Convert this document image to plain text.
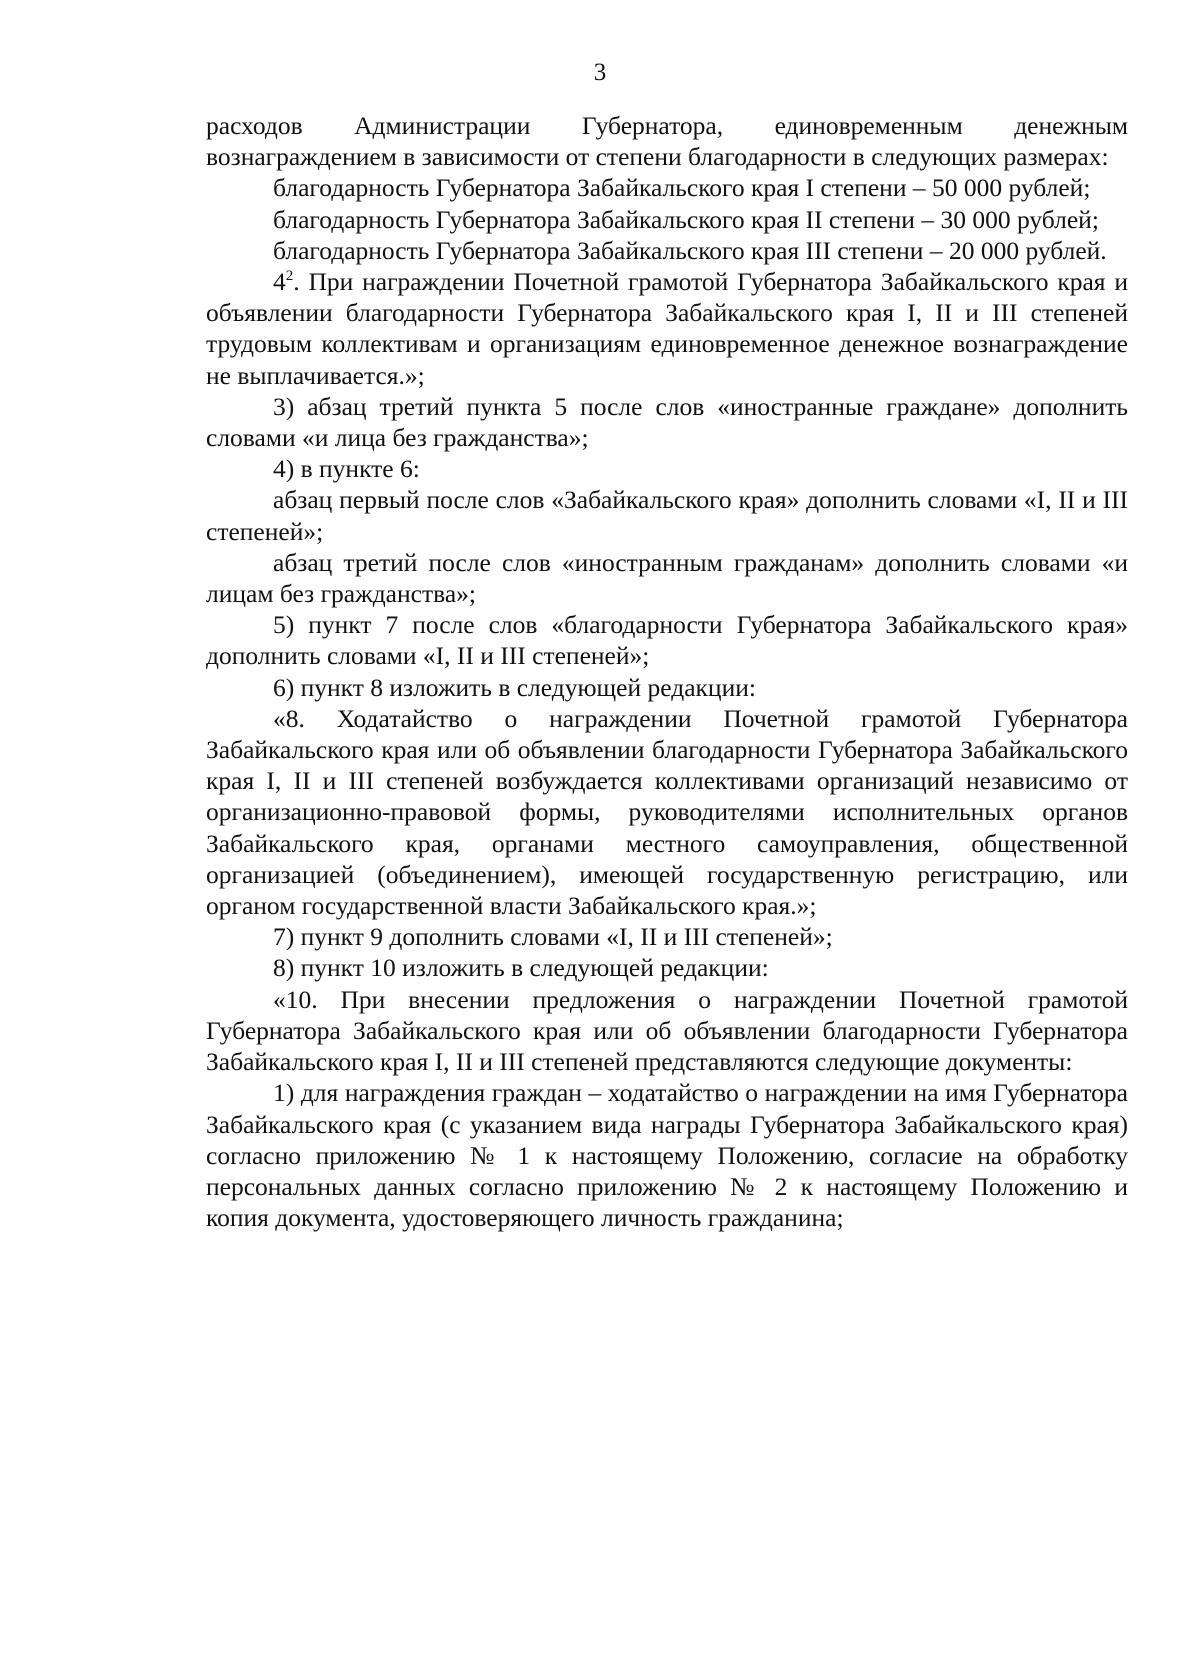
3

расходов Администрации Губернатора, единовременным денежным вознаграждением в зависимости от степени благодарности в следующих размерах:

благодарность Губернатора Забайкальского края I степени – 50 000 рублей;

благодарность Губернатора Забайкальского края II степени – 30 000 рублей;

благодарность Губернатора Забайкальского края III степени – 20 000 рублей.

$4^2$. При награждении Почетной грамотой Губернатора Забайкальского края и объявлении благодарности Губернатора Забайкальского края I, II и III степеней трудовым коллективам и организациям единовременное денежное вознаграждение не выплачивается.»;

3) абзац третий пункта 5 после слов «иностранные граждане» дополнить словами «и лица без гражданства»;

4) в пункте 6:

абзац первый после слов «Забайкальского края» дополнить словами «I, II и III степеней»;

абзац третий после слов «иностранным гражданам» дополнить словами «и лицам без гражданства»;

5) пункт 7 после слов «благодарности Губернатора Забайкальского края» дополнить словами «I, II и III степеней»;

6) пункт 8 изложить в следующей редакции:

«8. Ходатайство о награждении Почетной грамотой Губернатора Забайкальского края или об объявлении благодарности Губернатора Забайкальского края I, II и III степеней возбуждается коллективами организаций независимо от организационно-правовой формы, руководителями исполнительных органов Забайкальского края, органами местного самоуправления, общественной организацией (объединением), имеющей государственную регистрацию, или органом государственной власти Забайкальского края.»;

7) пункт 9 дополнить словами «I, II и III степеней»;

8) пункт 10 изложить в следующей редакции:

«10. При внесении предложения о награждении Почетной грамотой Губернатора Забайкальского края или об объявлении благодарности Губернатора Забайкальского края I, II и III степеней представляются следующие документы:

1) для награждения граждан – ходатайство о награждении на имя Губернатора Забайкальского края (с указанием вида награды Губернатора Забайкальского края) согласно приложению № 1 к настоящему Положению, согласие на обработку персональных данных согласно приложению № 2 к настоящему Положению и копия документа, удостоверяющего личность гражданина;
